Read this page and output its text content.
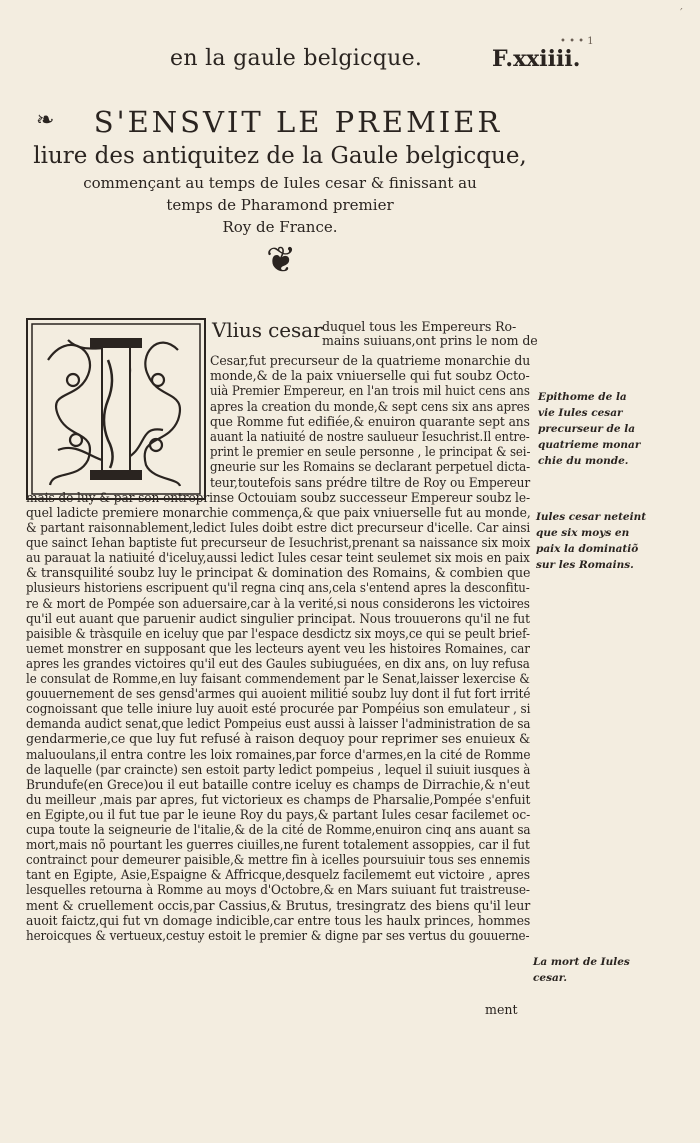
′
en la gaule belgicque.	F.xxiiii.
• • • 1
❧	S'ENSVIT LE PREMIER
liure des antiquitez de la Gaule belgicque,
commençant au temps de Iules cesar & finissant au
temps de Pharamond premier
Roy de France.
❦
Vlius cesar duquel tous les Empereurs Ro-
mains suiuans,ont prins le nom de
Cesar,fut precurseur de la quatrieme monarchie du
monde,& de la paix vniuerselle qui fut soubz Octo-
uià Premier Empereur, en l'an trois mil huict cens ans
apres la creation du monde,& sept cens six ans apres
que Romme fut edifiée,& enuiron quarante sept ans
auant la natiuité de nostre saulueur Iesuchrist.Il entre-
print le premier en seule personne , le principat & sei-
gneurie sur les Romains se declarant perpetuel dicta-
teur,toutefois sans prédre tiltre de Roy ou Empereur
mais de luy & par son entreprinse Octouiam soubz successeur Empereur soubz le-
quel ladicte premiere monarchie commença,& que paix vniuerselle fut au monde,
& partant raisonnablement,ledict Iules doibt estre dict precurseur d'icelle. Car ainsi
que sainct Iehan baptiste fut precurseur de Iesuchrist,prenant sa naissance six moix
au parauat la natiuité d'iceluy,aussi ledict Iules cesar teint seulemet six mois en paix
& transquilité soubz luy le principat & domination des Romains, & combien que
plusieurs historiens escripuent qu'il regna cinq ans,cela s'entend apres la desconfitu-
re & mort de Pompée son aduersaire,car à la verité,si nous considerons les victoires
qu'il eut auant que paruenir audict singulier principat. Nous trouuerons qu'il ne fut
paisible & tràsquile en iceluy que par l'espace desdictz six moys,ce qui se peult brief-
uemet monstrer en supposant que les lecteurs ayent veu les histoires Romaines, car
apres les grandes victoires qu'il eut des Gaules subiuguées, en dix ans, on luy refusa
le consulat de Romme,en luy faisant commendement par le Senat,laisser lexercise &
gouuernement de ses gensd'armes qui auoient militié soubz luy dont il fut fort irrité
cognoissant que telle iniure luy auoit esté procurée par Pompéius son emulateur , si
demanda audict senat,que ledict Pompeius eust aussi à laisser l'administration de sa
gendarmerie,ce que luy fut refusé à raison dequoy pour reprimer ses enuieux &
maluoulans,il entra contre les loix romaines,par force d'armes,en la cité de Romme
de laquelle (par craincte) sen estoit party ledict pompeius , lequel il suiuit iusques à
Brundufe(en Grece)ou il eut bataille contre iceluy es champs de Dirrachie,& n'eut
du meilleur ,mais par apres, fut victorieux es champs de Pharsalie,Pompée s'enfuit
en Egipte,ou il fut tue par le ieune Roy du pays,& partant Iules cesar facilemet oc-
cupa toute la seigneurie de l'italie,& de la cité de Romme,enuiron cinq ans auant sa
mort,mais nõ pourtant les guerres ciuilles,ne furent totalement assoppies, car il fut
contrainct pour demeurer paisible,& mettre fin à icelles poursuiuir tous ses ennemis
tant en Egipte, Asie,Espaigne & Affricque,desquelz facilememt eut victoire , apres
lesquelles retourna à Romme au moys d'Octobre,& en Mars suiuant fut traistreuse-
ment & cruellement occis,par Cassius,& Brutus, tresingratz des biens qu'il leur
auoit faictz,qui fut vn domage indicible,car entre tous les haulx princes, hommes
heroicques & vertueux,cestuy estoit le premier & digne par ses vertus du gouuerne-
Epithome de la
vie Iules cesar
precurseur de la
quatrieme monar
chie du monde.
Iules cesar neteint
que six moys en
paix la dominatiõ
sur les Romains.
La mort de Iules
cesar.
ment
